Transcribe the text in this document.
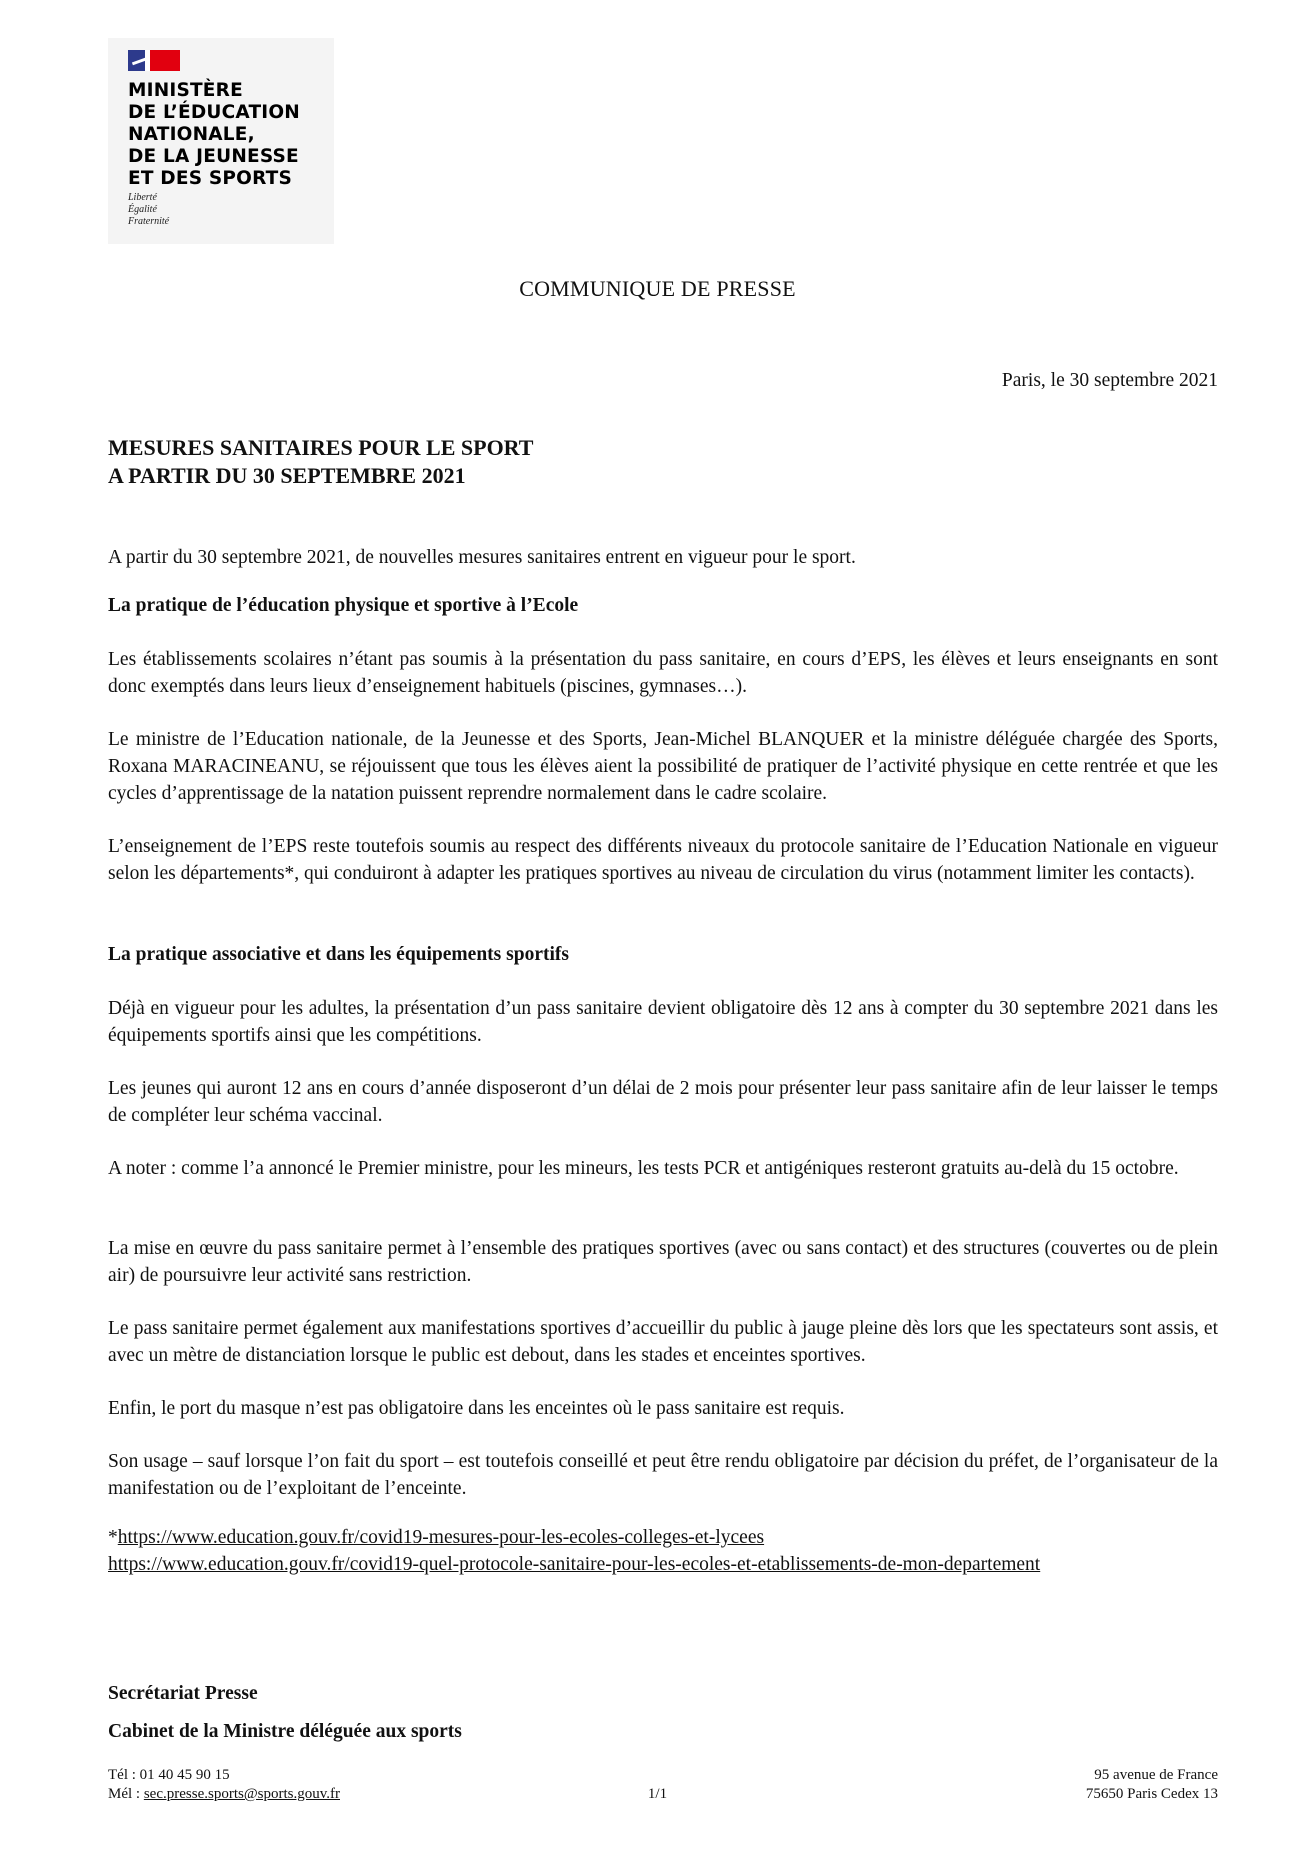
MINISTÈRE
DE L’ÉDUCATION
NATIONALE,
DE LA JEUNESSE
ET DES SPORTS
Liberté
Égalité
Fraternité
COMMUNIQUE DE PRESSE
Paris, le 30 septembre 2021
MESURES SANITAIRES POUR LE SPORT
A PARTIR DU 30 SEPTEMBRE 2021
A partir du 30 septembre 2021, de nouvelles mesures sanitaires entrent en vigueur pour le sport.
La pratique de l’éducation physique et sportive à l’Ecole
Les établissements scolaires n’étant pas soumis à la présentation du pass sanitaire, en cours d’EPS, les élèves et leurs enseignants en sont donc exemptés dans leurs lieux d’enseignement habituels (piscines, gymnases…).
Le ministre de l’Education nationale, de la Jeunesse et des Sports, Jean-Michel BLANQUER et la ministre déléguée chargée des Sports, Roxana MARACINEANU, se réjouissent que tous les élèves aient la possibilité de pratiquer de l’activité physique en cette rentrée et que les cycles d’apprentissage de la natation puissent reprendre normalement dans le cadre scolaire.
L’enseignement de l’EPS reste toutefois soumis au respect des différents niveaux du protocole sanitaire de l’Education Nationale en vigueur selon les départements*, qui conduiront à adapter les pratiques sportives au niveau de circulation du virus (notamment limiter les contacts).
La pratique associative et dans les équipements sportifs
Déjà en vigueur pour les adultes, la présentation d’un pass sanitaire devient obligatoire dès 12 ans à compter du 30 septembre 2021 dans les équipements sportifs ainsi que les compétitions.
Les jeunes qui auront 12 ans en cours d’année disposeront d’un délai de 2 mois pour présenter leur pass sanitaire afin de leur laisser le temps de compléter leur schéma vaccinal.
A noter : comme l’a annoncé le Premier ministre, pour les mineurs, les tests PCR et antigéniques resteront gratuits au-delà du 15 octobre.
La mise en œuvre du pass sanitaire permet à l’ensemble des pratiques sportives (avec ou sans contact) et des structures (couvertes ou de plein air) de poursuivre leur activité sans restriction.
Le pass sanitaire permet également aux manifestations sportives d’accueillir du public à jauge pleine dès lors que les spectateurs sont assis, et avec un mètre de distanciation lorsque le public est debout, dans les stades et enceintes sportives.
Enfin, le port du masque n’est pas obligatoire dans les enceintes où le pass sanitaire est requis.
Son usage – sauf lorsque l’on fait du sport – est toutefois conseillé et peut être rendu obligatoire par décision du préfet, de l’organisateur de la manifestation ou de l’exploitant de l’enceinte.
*https://www.education.gouv.fr/covid19-mesures-pour-les-ecoles-colleges-et-lycees
https://www.education.gouv.fr/covid19-quel-protocole-sanitaire-pour-les-ecoles-et-etablissements-de-mon-departement
Secrétariat Presse
Cabinet de la Ministre déléguée aux sports
Tél : 01 40 45 90 15
Mél : sec.presse.sports@sports.gouv.fr	1/1
95 avenue de France
75650 Paris Cedex 13
